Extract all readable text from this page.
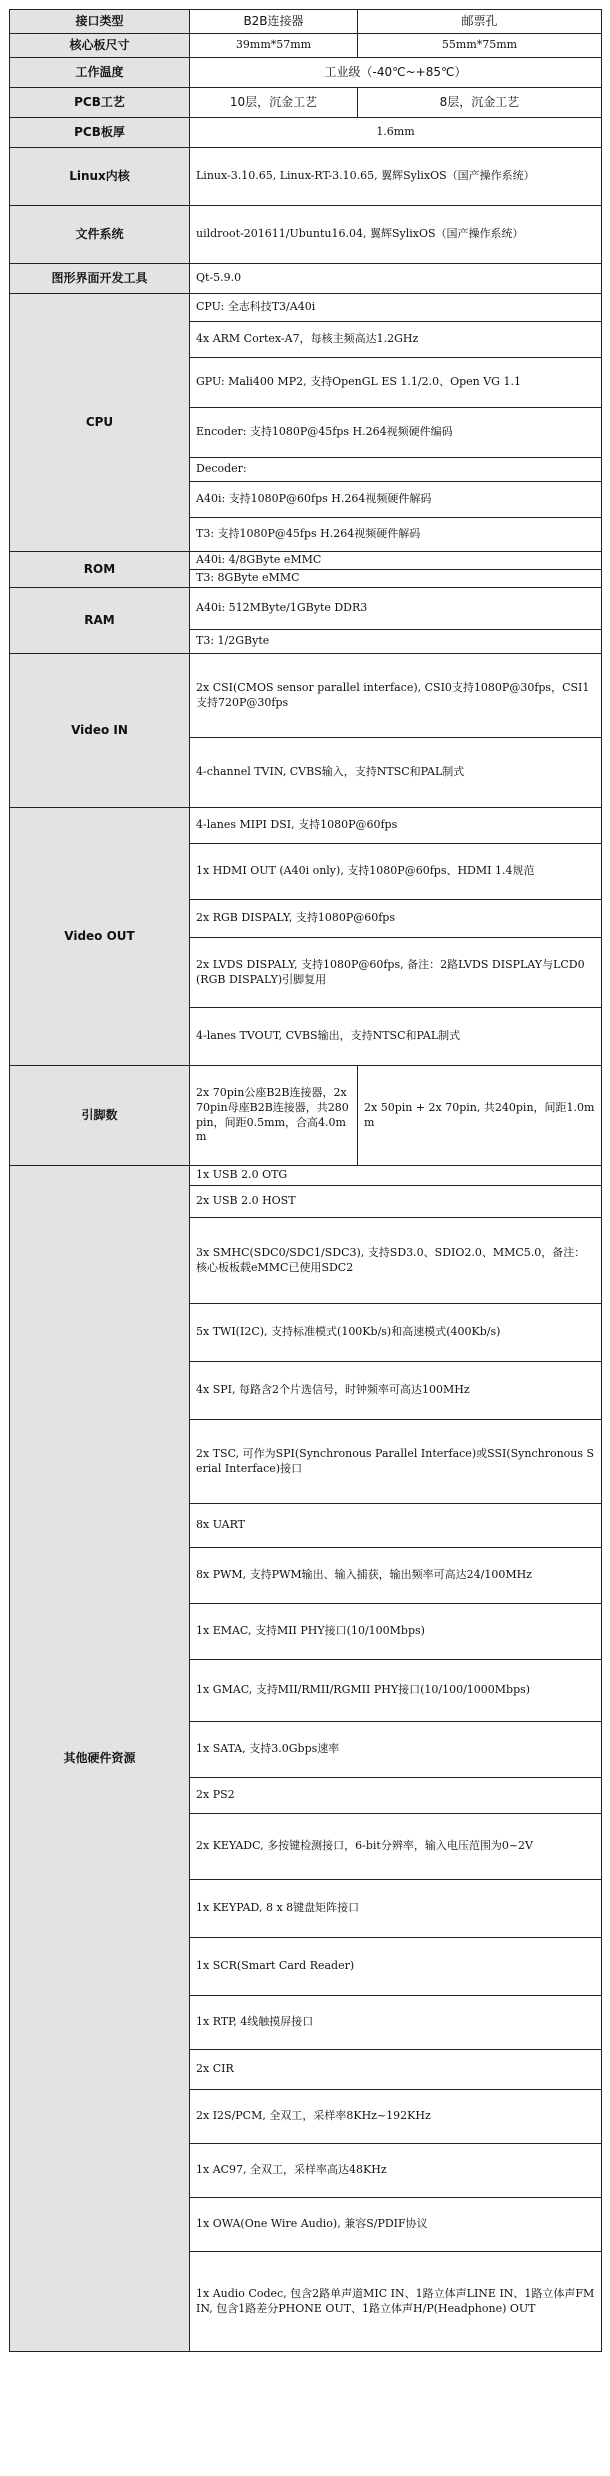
接口类型	B2B连接器	邮票孔
核心板尺寸	39mm*57mm	55mm*75mm
工作温度	工业级（-40℃~+85℃）	
PCB工艺	10层，沉金工艺	8层，沉金工艺
PCB板厚	1.6mm	
Linux内核	Linux-3.10.65, Linux-RT-3.10.65, 翼辉SylixOS（国产操作系统）	
文件系统	uildroot-201611/Ubuntu16.04, 翼辉SylixOS（国产操作系统）	
图形界面开发工具	Qt-5.9.0	
CPU	CPU: 全志科技T3/A40i	
	4x ARM Cortex-A7，每核主频高达1.2GHz	
	GPU: Mali400 MP2, 支持OpenGL ES 1.1/2.0、Open VG 1.1	
	Encoder: 支持1080P@45fps H.264视频硬件编码	
	Decoder:	
	A40i: 支持1080P@60fps H.264视频硬件解码	
	T3: 支持1080P@45fps H.264视频硬件解码	
ROM	A40i: 4/8GByte eMMC	
	T3: 8GByte eMMC	
RAM	A40i: 512MByte/1GByte DDR3	
	T3: 1/2GByte	
Video IN	2x CSI(CMOS sensor parallel interface), CSI0支持1080P@30fps，CSI1支持720P@30fps	
	4-channel TVIN, CVBS输入，支持NTSC和PAL制式	
Video OUT	4-lanes MIPI DSI, 支持1080P@60fps	
	1x HDMI OUT (A40i only), 支持1080P@60fps、HDMI 1.4规范	
	2x RGB DISPALY, 支持1080P@60fps	
	2x LVDS DISPALY, 支持1080P@60fps, 备注：2路LVDS DISPLAY与LCD0(RGB DISPALY)引脚复用	
	4-lanes TVOUT, CVBS输出，支持NTSC和PAL制式	
引脚数	2x 70pin公座B2B连接器，2x 70pin母座B2B连接器，共280pin，间距0.5mm，合高4.0mm	2x 50pin + 2x 70pin, 共240pin，间距1.0mm
其他硬件资源	1x USB 2.0 OTG	
	2x USB 2.0 HOST	
	3x SMHC(SDC0/SDC1/SDC3), 支持SD3.0、SDIO2.0、MMC5.0，备注：核心板板载eMMC已使用SDC2	
	5x TWI(I2C), 支持标准模式(100Kb/s)和高速模式(400Kb/s)	
	4x SPI, 每路含2个片选信号，时钟频率可高达100MHz	
	2x TSC, 可作为SPI(Synchronous Parallel Interface)或SSI(Synchronous Serial Interface)接口	
	8x UART	
	8x PWM, 支持PWM输出、输入捕获，输出频率可高达24/100MHz	
	1x EMAC, 支持MII PHY接口(10/100Mbps)	
	1x GMAC, 支持MII/RMII/RGMII PHY接口(10/100/1000Mbps)	
	1x SATA, 支持3.0Gbps速率	
	2x PS2	
	2x KEYADC, 多按键检测接口，6-bit分辨率，输入电压范围为0~2V	
	1x KEYPAD, 8 x 8键盘矩阵接口	
	1x SCR(Smart Card Reader)	
	1x RTP, 4线触摸屏接口	
	2x CIR	
	2x I2S/PCM, 全双工，采样率8KHz~192KHz	
	1x AC97, 全双工，采样率高达48KHz	
	1x OWA(One Wire Audio), 兼容S/PDIF协议	
	1x Audio Codec, 包含2路单声道MIC IN、1路立体声LINE IN、1路立体声FM IN, 包含1路差分PHONE OUT、1路立体声H/P(Headphone) OUT	
